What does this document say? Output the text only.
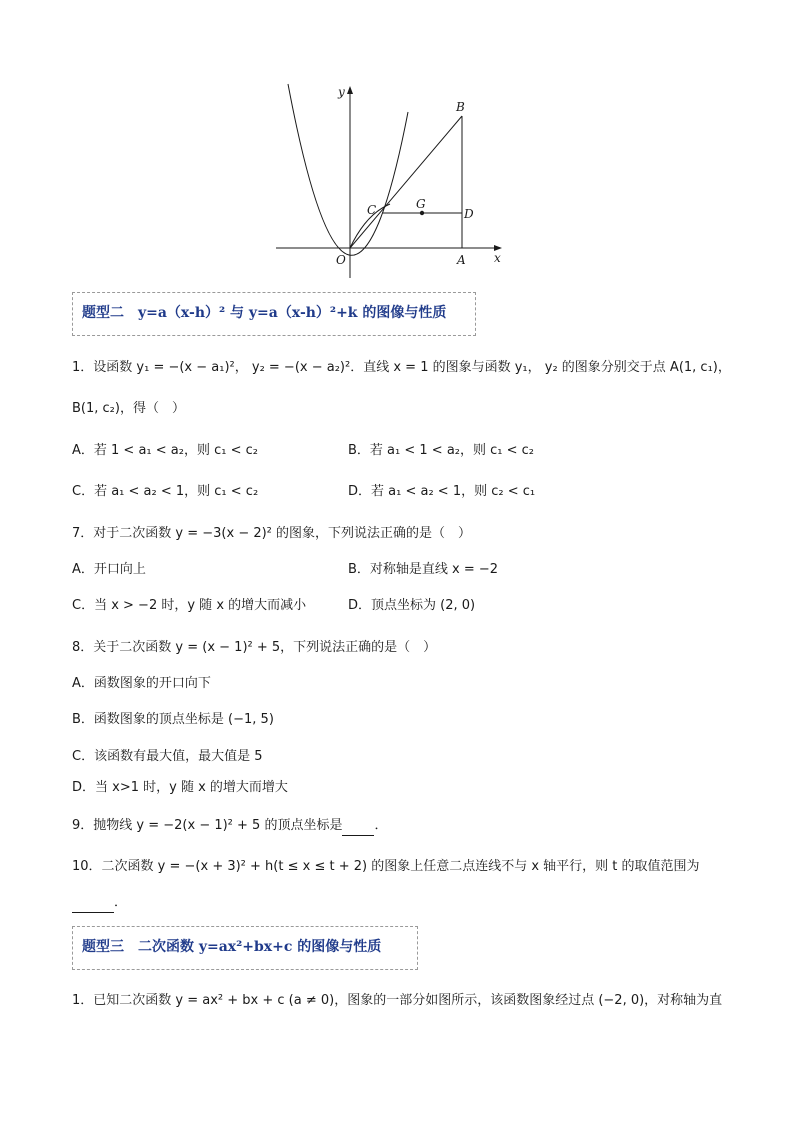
y
x
O	A
B
C	D
G
题型二　y=a（x-h）² 与 y=a（x-h）²+k 的图像与性质
1．设函数 y₁ = −(x − a₁)²， y₂ = −(x − a₂)²．直线 x = 1 的图象与函数 y₁， y₂ 的图象分别交于点 A(1, c₁)，
B(1, c₂)，得（　）
A．若 1 < a₁ < a₂，则 c₁ < c₂	B．若 a₁ < 1 < a₂，则 c₁ < c₂
C．若 a₁ < a₂ < 1，则 c₁ < c₂	D．若 a₁ < a₂ < 1，则 c₂ < c₁
7．对于二次函数 y = −3(x − 2)² 的图象，下列说法正确的是（　）
A．开口向上	B．对称轴是直线 x = −2
C．当 x > −2 时，y 随 x 的增大而减小	D．顶点坐标为 (2, 0)
8．关于二次函数 y = (x − 1)² + 5，下列说法正确的是（　）
A．函数图象的开口向下
B．函数图象的顶点坐标是 (−1, 5)
C．该函数有最大值，最大值是 5
D．当 x>1 时，y 随 x 的增大而增大
9．抛物线 y = −2(x − 1)² + 5 的顶点坐标是 ．
10．二次函数 y = −(x + 3)² + h(t ≤ x ≤ t + 2) 的图象上任意二点连线不与 x 轴平行，则 t 的取值范围为
．
题型三　二次函数 y=ax²+bx+c 的图像与性质
1．已知二次函数 y = ax² + bx + c (a ≠ 0)，图象的一部分如图所示，该函数图象经过点 (−2, 0)，对称轴为直
